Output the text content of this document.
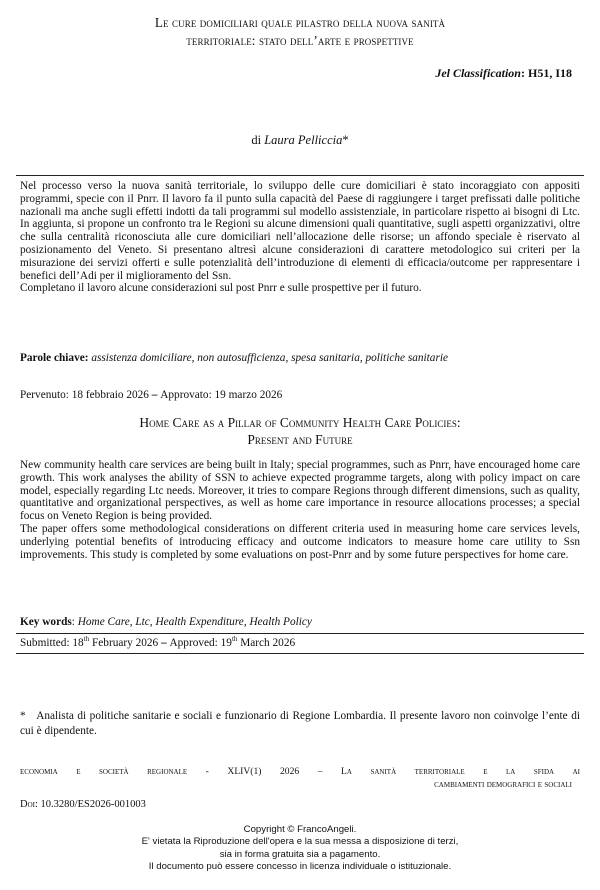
Le cure domiciliari quale pilastro della nuova sanità
territoriale: stato dell’arte e prospettive
Jel Classification: H51, I18
di Laura Pelliccia*

Nel processo verso la nuova sanità territoriale, lo sviluppo delle cure domiciliari è stato incoraggiato con appositi programmi, specie con il Pnrr. Il lavoro fa il punto sulla capacità del Paese di raggiungere i target prefissati dalle politiche nazionali ma anche sugli effetti indotti da tali programmi sul modello assistenziale, in particolare rispetto ai bisogni di Ltc. In aggiunta, si propone un confronto tra le Regioni su alcune dimensioni quali quantitative, sugli aspetti organizzativi, oltre che sulla centralità riconosciuta alle cure domiciliari nell’allocazione delle risorse; un affondo speciale è riservato al posizionamento del Veneto. Si presentano altresì alcune considerazioni di carattere metodologico sui criteri per la misurazione dei servizi offerti e sulle potenzialità dell’introduzione di elementi di efficacia/outcome per rappresentare i benefici dell’Adi per il miglioramento del Ssn.

Completano il lavoro alcune considerazioni sul post Pnrr e sulle prospettive per il futuro.

Parole chiave: assistenza domiciliare, non autosufficienza, spesa sanitaria, politiche sanitarie
Pervenuto: 18 febbraio 2026 – Approvato: 19 marzo 2026
Home Care as a Pillar of Community Health Care Policies:
Present and Future

New community health care services are being built in Italy; special programmes, such as Pnrr, have encouraged home care growth. This work analyses the ability of SSN to achieve expected programme targets, along with policy impact on care model, especially regarding Ltc needs. Moreover, it tries to compare Regions through different dimensions, such as quality, quantitative and organizational perspectives, as well as home care importance in resource allocations processes; a special focus on Veneto Region is being provided.

The paper offers some methodological considerations on different criteria used in measuring home care services levels, underlying potential benefits of introducing efficacy and outcome indicators to measure home care utility to Ssn improvements. This study is completed by some evaluations on post-Pnrr and by some future perspectives for home care.

Key words: Home Care, Ltc, Health Expenditure, Health Policy
Submitted: 18th February 2026 – Approved: 19th March 2026
* Analista di politiche sanitarie e sociali e funzionario di Regione Lombardia. Il presente lavoro non coinvolge l’ente di cui è dipendente.
economia e società regionale - XLIV(1) 2026 – La sanità territoriale e la sfida ai
cambiamenti demografici e sociali
Doi: 10.3280/ES2026-001003
Copyright © FrancoAngeli.
E' vietata la Riproduzione dell'opera e la sua messa a disposizione di terzi,
sia in forma gratuita sia a pagamento.
Il documento può essere concesso in licenza individuale o istituzionale.
